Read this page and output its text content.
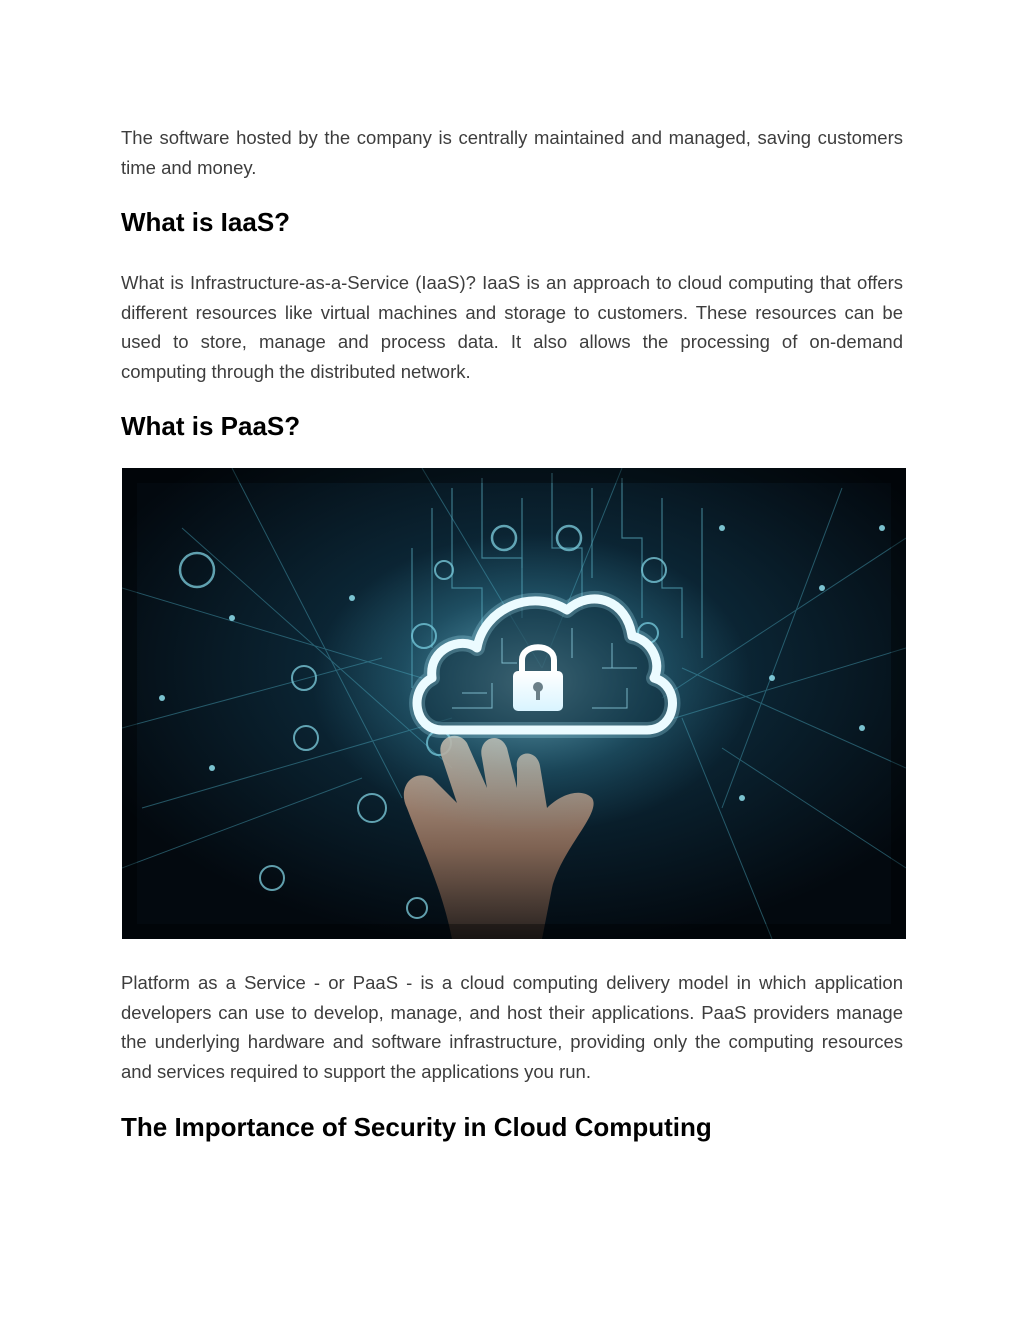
The software hosted by the company is centrally maintained and managed, saving customers time and money.

What is IaaS?

What is Infrastructure-as-a-Service (IaaS)? IaaS is an approach to cloud computing that offers different resources like virtual machines and storage to customers. These resources can be used to store, manage and process data. It also allows the processing of on-demand computing through the distributed network.

What is PaaS?

Platform as a Service - or PaaS - is a cloud computing delivery model in which application developers can use to develop, manage, and host their applications. PaaS providers manage the underlying hardware and software infrastructure, providing only the computing resources and services required to support the applications you run.

The Importance of Security in Cloud Computing
